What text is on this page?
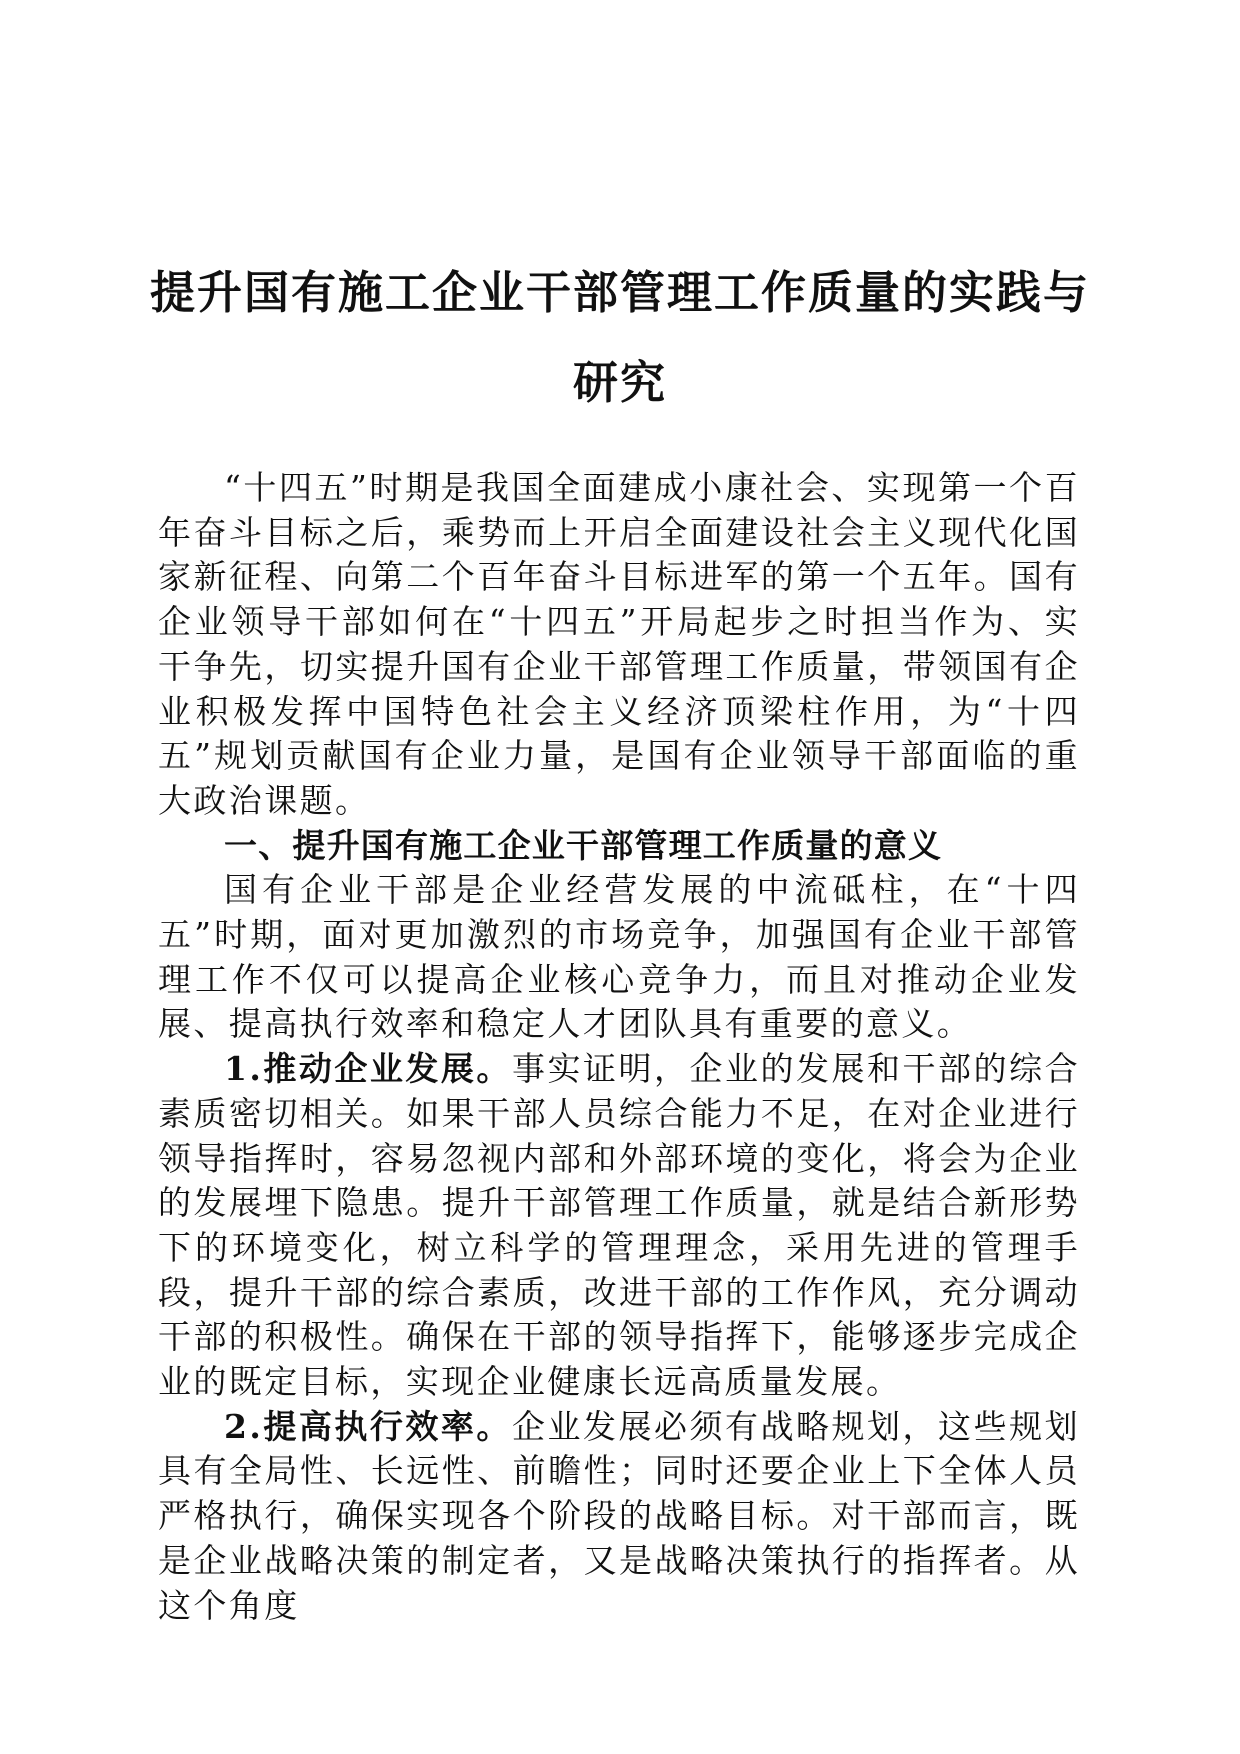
提升国有施工企业干部管理工作质量的实践与研究

“十四五”时期是我国全面建成小康社会、实现第一个百年奋斗目标之后，乘势而上开启全面建设社会主义现代化国家新征程、向第二个百年奋斗目标进军的第一个五年。国有企业领导干部如何在“十四五”开局起步之时担当作为、实干争先，切实提升国有企业干部管理工作质量，带领国有企业积极发挥中国特色社会主义经济顶梁柱作用，为“十四五”规划贡献国有企业力量，是国有企业领导干部面临的重大政治课题。

一、提升国有施工企业干部管理工作质量的意义

国有企业干部是企业经营发展的中流砥柱，在“十四五”时期，面对更加激烈的市场竞争，加强国有企业干部管理工作不仅可以提高企业核心竞争力，而且对推动企业发展、提高执行效率和稳定人才团队具有重要的意义。

1.推动企业发展。事实证明，企业的发展和干部的综合素质密切相关。如果干部人员综合能力不足，在对企业进行领导指挥时，容易忽视内部和外部环境的变化，将会为企业的发展埋下隐患。提升干部管理工作质量，就是结合新形势下的环境变化，树立科学的管理理念，采用先进的管理手段，提升干部的综合素质，改进干部的工作作风，充分调动干部的积极性。确保在干部的领导指挥下，能够逐步完成企业的既定目标，实现企业健康长远高质量发展。

2.提高执行效率。企业发展必须有战略规划，这些规划具有全局性、长远性、前瞻性；同时还要企业上下全体人员严格执行，确保实现各个阶段的战略目标。对干部而言，既是企业战略决策的制定者，又是战略决策执行的指挥者。从这个角度
